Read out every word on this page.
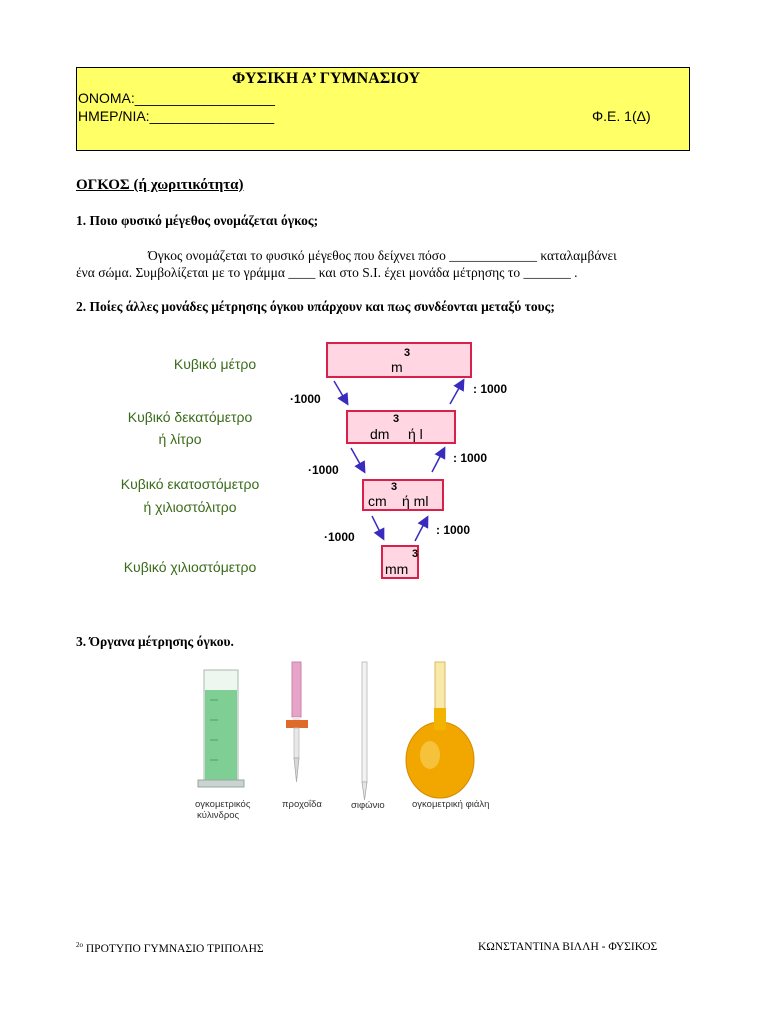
ΦΥΣΙΚΗ Α’ ΓΥΜΝΑΣΙΟΥ
ΟΝΟΜΑ:__________________
ΗΜΕΡ/ΝΙΑ:________________	Φ.Ε. 1(Δ)
ΟΓΚΟΣ (ή χωριτικότητα)
1. Ποιο φυσικό μέγεθος ονομάζεται όγκος;
Όγκος ονομάζεται το φυσικό μέγεθος που δείχνει πόσο _____________ καταλαμβάνει
ένα σώμα. Συμβολίζεται με το γράμμα ____ και στο S.I. έχει μονάδα μέτρησης το _______ .
2. Ποίες άλλες μονάδες μέτρησης όγκου υπάρχουν και πως συνδέονται μεταξύ τους;
Κυβικό μέτρο
Κυβικό δεκατόμετρο
ή λίτρο
Κυβικό εκατοστόμετρο
ή χιλιοστόλιτρο
Κυβικό χιλιοστόμετρο
m
3
dm
3
ή l
cm
3
ή ml
mm
3
·1000
·1000
·1000
: 1000
: 1000
: 1000
3. Όργανα μέτρησης όγκου.
ογκομετρικός
κύλινδρος
προχοΐδα	σιφώνιο	ογκομετρική φιάλη
$^{2o}$ ΠΡΟΤΥΠΟ ΓΥΜΝΑΣΙΟ ΤΡΙΠΟΛΗΣ	ΚΩΝΣΤΑΝΤΙΝΑ ΒΙΛΛΗ - ΦΥΣΙΚΟΣ
